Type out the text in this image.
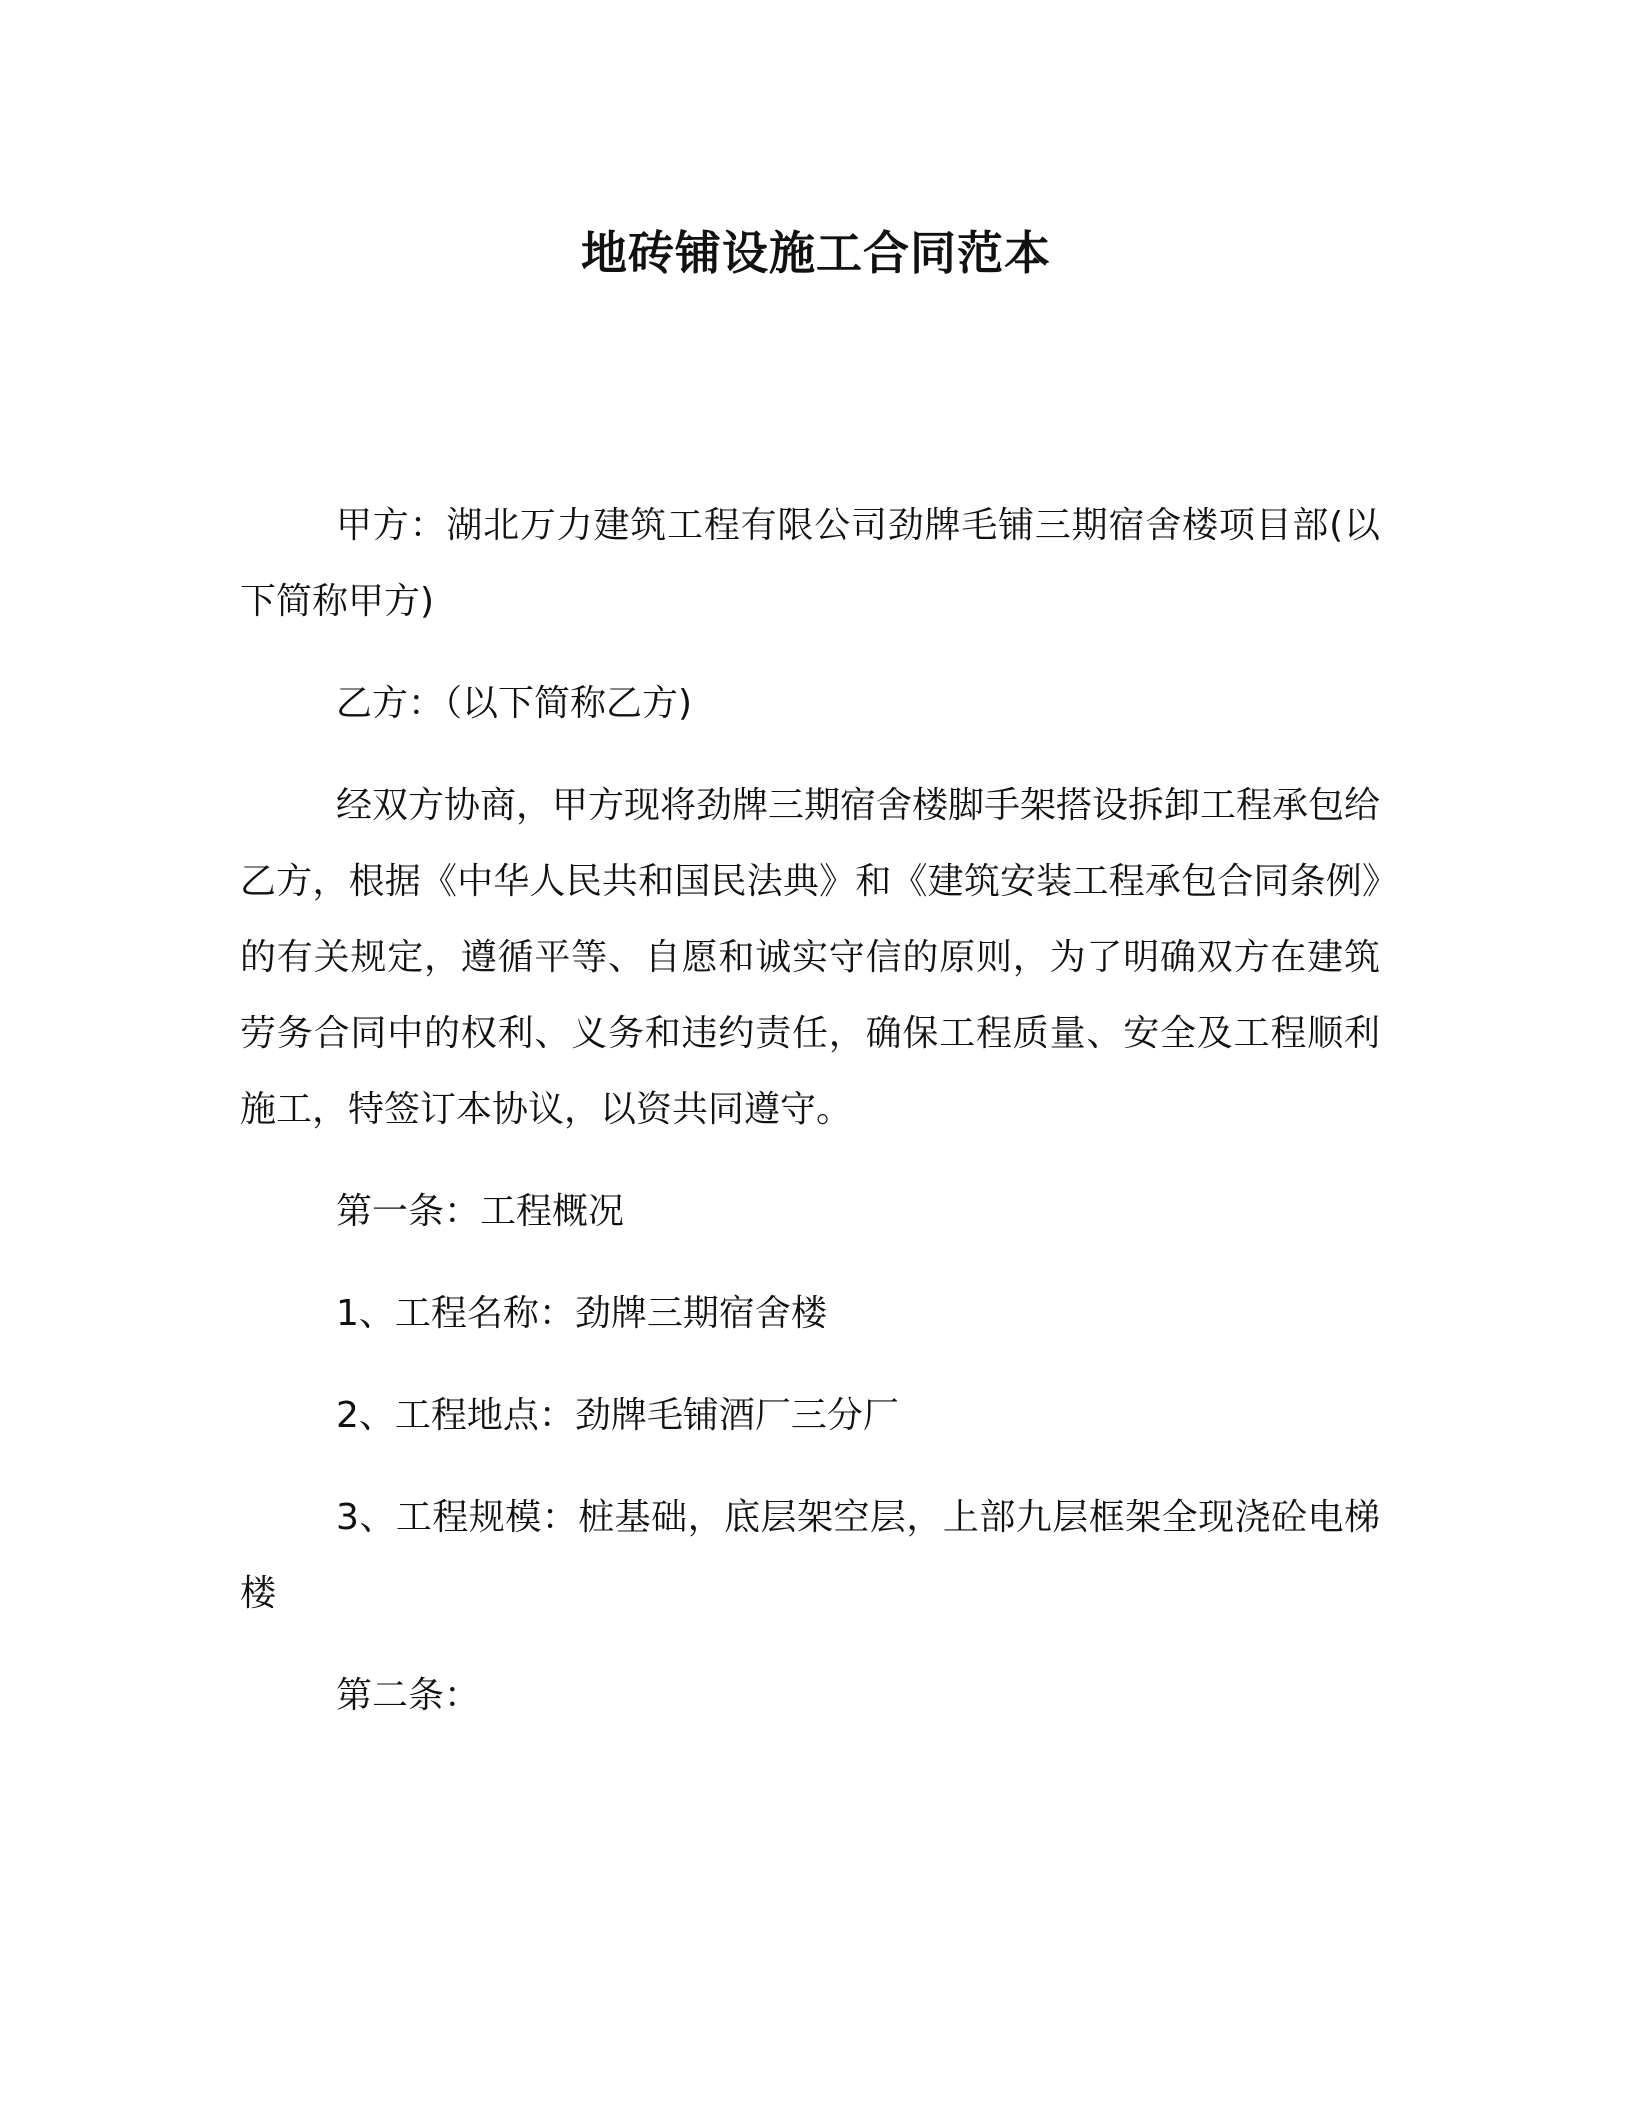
地砖铺设施工合同范本

甲方：湖北万力建筑工程有限公司劲牌毛铺三期宿舍楼项目部(以下简称甲方)

乙方：（以下简称乙方)

经双方协商，甲方现将劲牌三期宿舍楼脚手架搭设拆卸工程承包给乙方，根据《中华人民共和国民法典》和《建筑安装工程承包合同条例》的有关规定，遵循平等、自愿和诚实守信的原则，为了明确双方在建筑劳务合同中的权利、义务和违约责任，确保工程质量、安全及工程顺利施工，特签订本协议，以资共同遵守。

第一条：工程概况

1、工程名称：劲牌三期宿舍楼

2、工程地点：劲牌毛铺酒厂三分厂

3、工程规模：桩基础，底层架空层，上部九层框架全现浇砼电梯楼

第二条：
